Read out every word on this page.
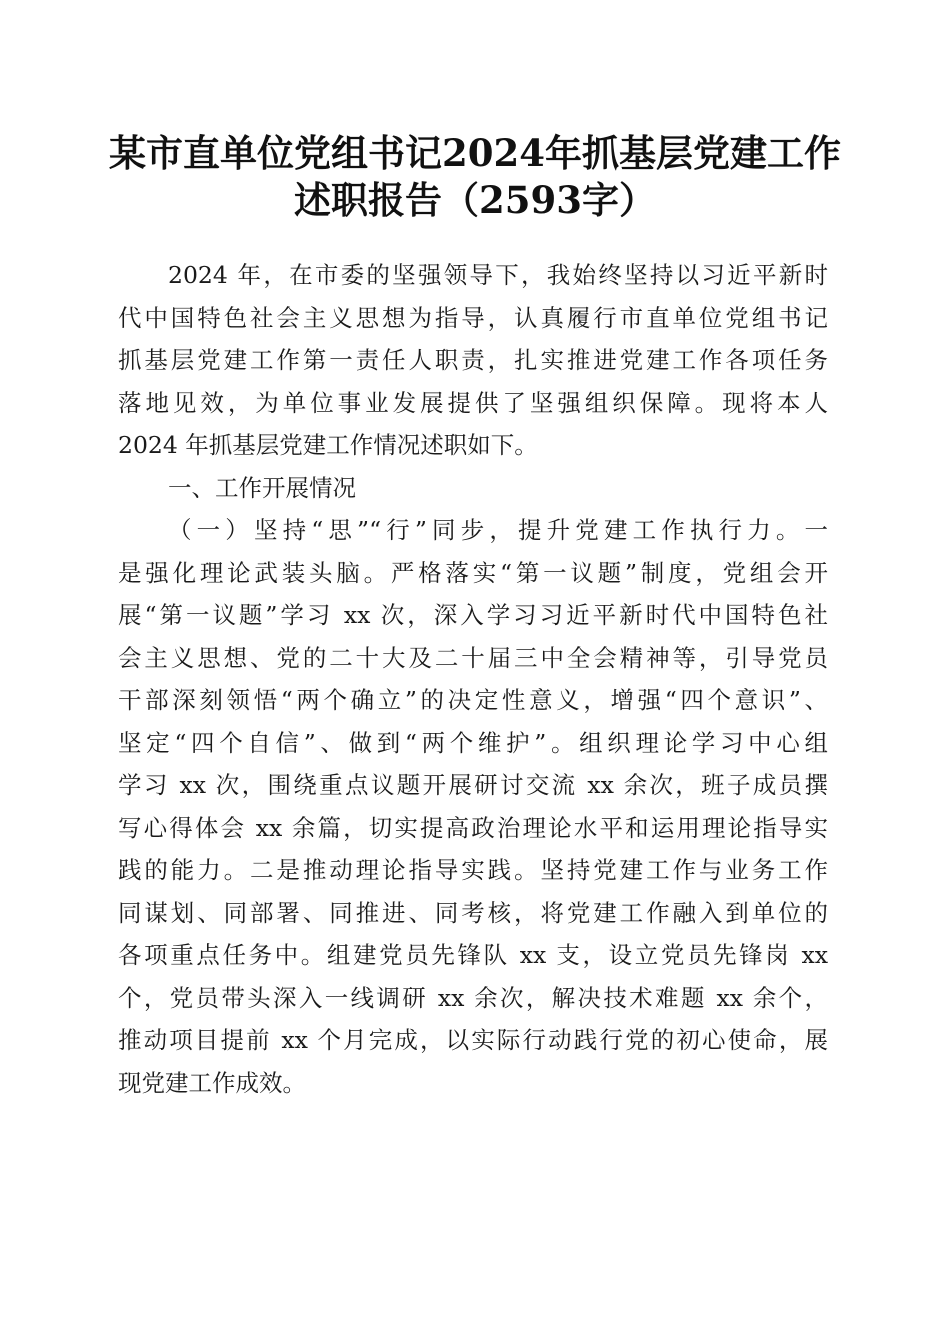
某市直单位党组书记2024年抓基层党建工作
述职报告（2593字）
2024 年，在市委的坚强领导下，我始终坚持以习近平新时
代中国特色社会主义思想为指导，认真履行市直单位党组书记
抓基层党建工作第一责任人职责，扎实推进党建工作各项任务
落地见效，为单位事业发展提供了坚强组织保障。现将本人
2024 年抓基层党建工作情况述职如下。
一、工作开展情况
（一）坚持“思”“行”同步，提升党建工作执行力。一
是强化理论武装头脑。严格落实“第一议题”制度，党组会开
展“第一议题”学习 xx 次，深入学习习近平新时代中国特色社
会主义思想、党的二十大及二十届三中全会精神等，引导党员
干部深刻领悟“两个确立”的决定性意义，增强“四个意识”、
坚定“四个自信”、做到“两个维护”。组织理论学习中心组
学习 xx 次，围绕重点议题开展研讨交流 xx 余次，班子成员撰
写心得体会 xx 余篇，切实提高政治理论水平和运用理论指导实
践的能力。二是推动理论指导实践。坚持党建工作与业务工作
同谋划、同部署、同推进、同考核，将党建工作融入到单位的
各项重点任务中。组建党员先锋队 xx 支，设立党员先锋岗 xx
个，党员带头深入一线调研 xx 余次，解决技术难题 xx 余个，
推动项目提前 xx 个月完成，以实际行动践行党的初心使命，展
现党建工作成效。
